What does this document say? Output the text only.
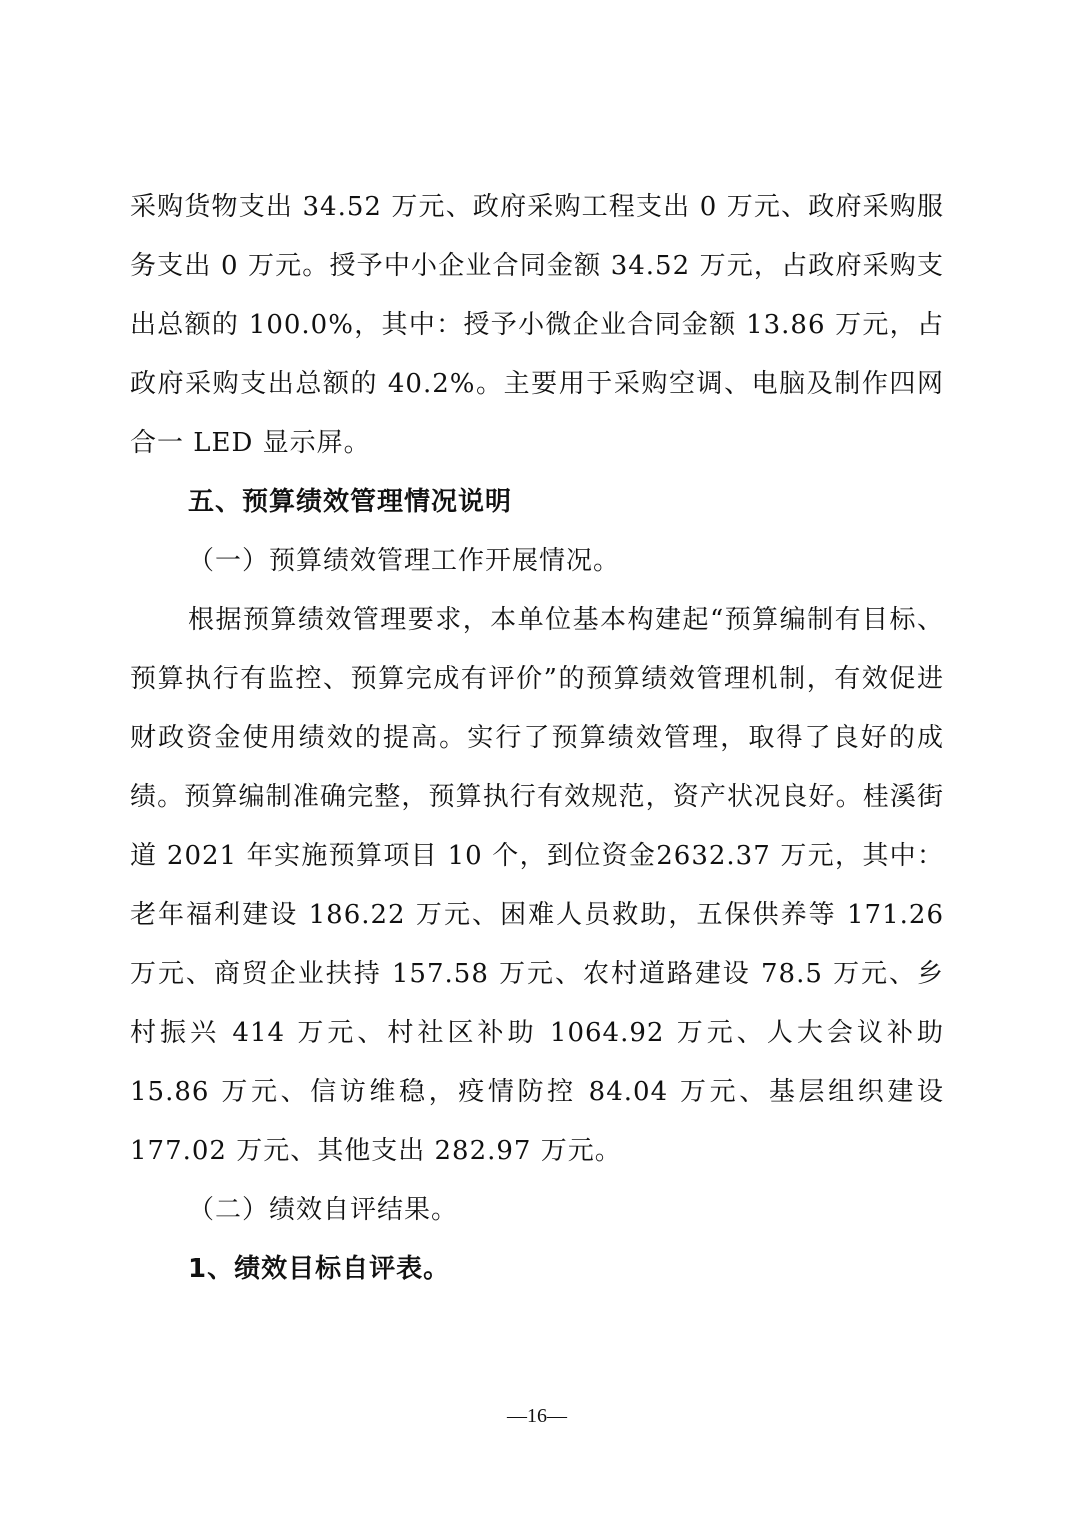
采购货物支出 34.52 万元、政府采购工程支出 0 万元、政府采购服务支出 0 万元。授予中小企业合同金额 34.52 万元，占政府采购支出总额的 100.0%，其中：授予小微企业合同金额 13.86 万元，占政府采购支出总额的 40.2%。主要用于采购空调、电脑及制作四网合一 LED 显示屏。

五、预算绩效管理情况说明

（一）预算绩效管理工作开展情况。

根据预算绩效管理要求，本单位基本构建起“预算编制有目标、预算执行有监控、预算完成有评价”的预算绩效管理机制，有效促进财政资金使用绩效的提高。实行了预算绩效管理，取得了良好的成绩。预算编制准确完整，预算执行有效规范，资产状况良好。桂溪街道 2021 年实施预算项目 10 个，到位资金2632.37 万元，其中：老年福利建设 186.22 万元、困难人员救助，五保供养等 171.26 万元、商贸企业扶持 157.58 万元、农村道路建设 78.5 万元、乡村振兴 414 万元、村社区补助 1064.92 万元、人大会议补助 15.86 万元、信访维稳，疫情防控 84.04 万元、基层组织建设 177.02 万元、其他支出 282.97 万元。

（二）绩效自评结果。

1、绩效目标自评表。

—16—
